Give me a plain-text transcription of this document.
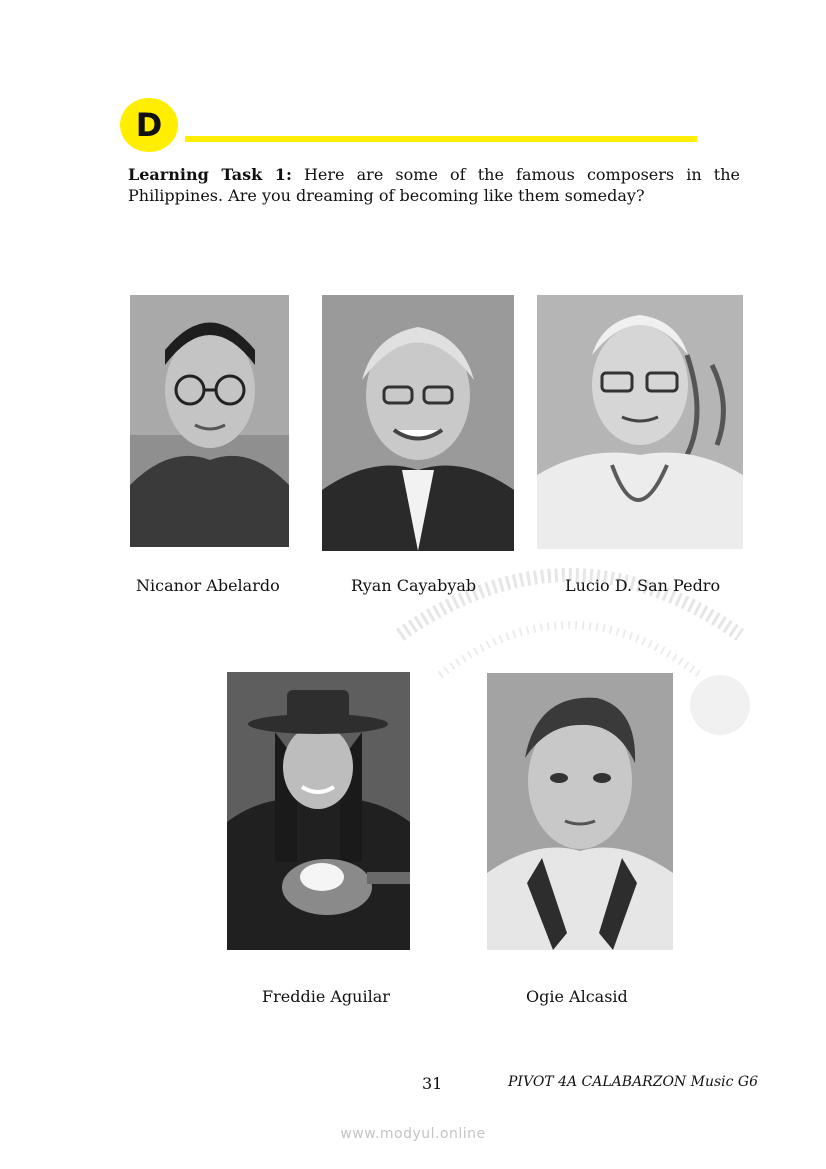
D
Learning Task 1: Here are some of the famous composers in the Philippines. Are you dreaming of becoming like them someday?
Nicanor Abelardo	Ryan Cayabyab	Lucio D. San Pedro
Freddie Aguilar	Ogie Alcasid
31	PIVOT 4A CALABARZON Music G6
www.modyul.online
